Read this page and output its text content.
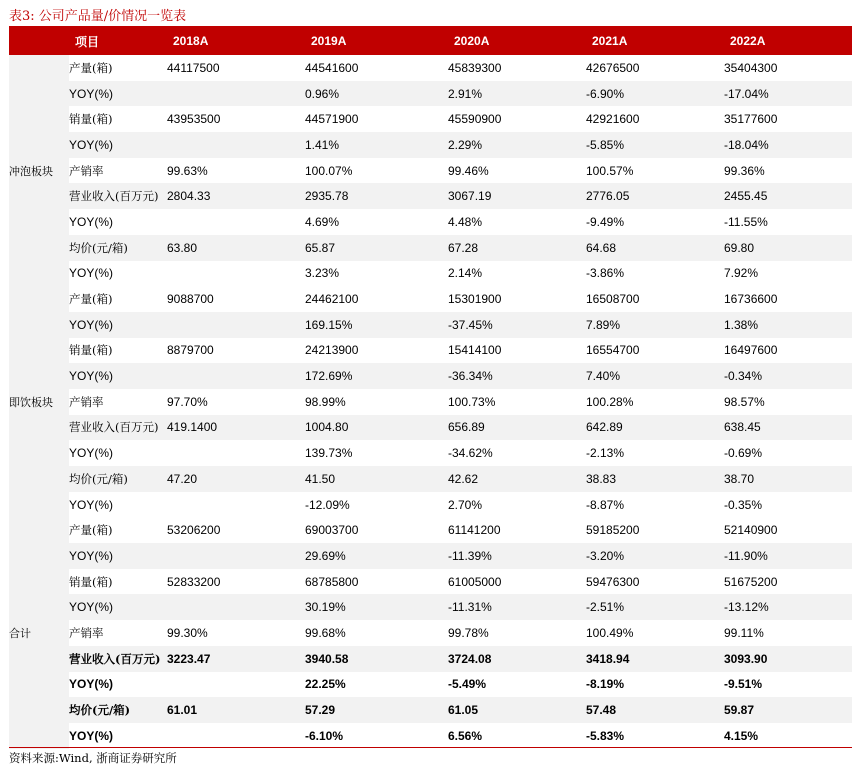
表3: 公司产品量/价情况一览表
	项目	2018A	2019A	2020A	2021A	2022A
冲泡板块	产量(箱)	44117500	44541600	45839300	42676500	35404300
	YOY(%)		0.96%	2.91%	-6.90%	-17.04%
	销量(箱)	43953500	44571900	45590900	42921600	35177600
	YOY(%)		1.41%	2.29%	-5.85%	-18.04%
	产销率	99.63%	100.07%	99.46%	100.57%	99.36%
	营业收入(百万元)	2804.33	2935.78	3067.19	2776.05	2455.45
	YOY(%)		4.69%	4.48%	-9.49%	-11.55%
	均价(元/箱)	63.80	65.87	67.28	64.68	69.80
	YOY(%)		3.23%	2.14%	-3.86%	7.92%
即饮板块	产量(箱)	9088700	24462100	15301900	16508700	16736600
	YOY(%)		169.15%	-37.45%	7.89%	1.38%
	销量(箱)	8879700	24213900	15414100	16554700	16497600
	YOY(%)		172.69%	-36.34%	7.40%	-0.34%
	产销率	97.70%	98.99%	100.73%	100.28%	98.57%
	营业收入(百万元)	419.1400	1004.80	656.89	642.89	638.45
	YOY(%)		139.73%	-34.62%	-2.13%	-0.69%
	均价(元/箱)	47.20	41.50	42.62	38.83	38.70
	YOY(%)		-12.09%	2.70%	-8.87%	-0.35%
合计	产量(箱)	53206200	69003700	61141200	59185200	52140900
	YOY(%)		29.69%	-11.39%	-3.20%	-11.90%
	销量(箱)	52833200	68785800	61005000	59476300	51675200
	YOY(%)		30.19%	-11.31%	-2.51%	-13.12%
	产销率	99.30%	99.68%	99.78%	100.49%	99.11%
	营业收入(百万元)	3223.47	3940.58	3724.08	3418.94	3093.90
	YOY(%)		22.25%	-5.49%	-8.19%	-9.51%
	均价(元/箱)	61.01	57.29	61.05	57.48	59.87
	YOY(%)		-6.10%	6.56%	-5.83%	4.15%
资料来源:Wind, 浙商证券研究所
